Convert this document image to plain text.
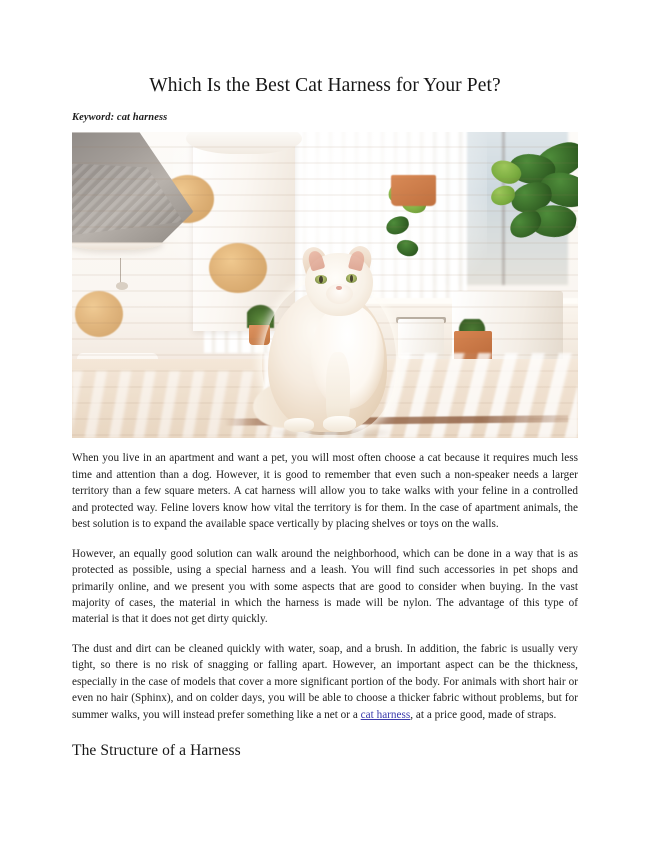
Which Is the Best Cat Harness for Your Pet?

Keyword: cat harness

When you live in an apartment and want a pet, you will most often choose a cat because it requires much less time and attention than a dog. However, it is good to remember that even such a non-speaker needs a larger territory than a few square meters. A cat harness will allow you to take walks with your feline in a controlled and protected way. Feline lovers know how vital the territory is for them. In the case of apartment animals, the best solution is to expand the available space vertically by placing shelves or toys on the walls.

However, an equally good solution can walk around the neighborhood, which can be done in a way that is as protected as possible, using a special harness and a leash. You will find such accessories in pet shops and primarily online, and we present you with some aspects that are good to consider when buying. In the vast majority of cases, the material in which the harness is made will be nylon. The advantage of this type of material is that it does not get dirty quickly.

The dust and dirt can be cleaned quickly with water, soap, and a brush. In addition, the fabric is usually very tight, so there is no risk of snagging or falling apart. However, an important aspect can be the thickness, especially in the case of models that cover a more significant portion of the body. For animals with short hair or even no hair (Sphinx), and on colder days, you will be able to choose a thicker fabric without problems, but for summer walks, you will instead prefer something like a net or a cat harness, at a price good, made of straps.

The Structure of a Harness
